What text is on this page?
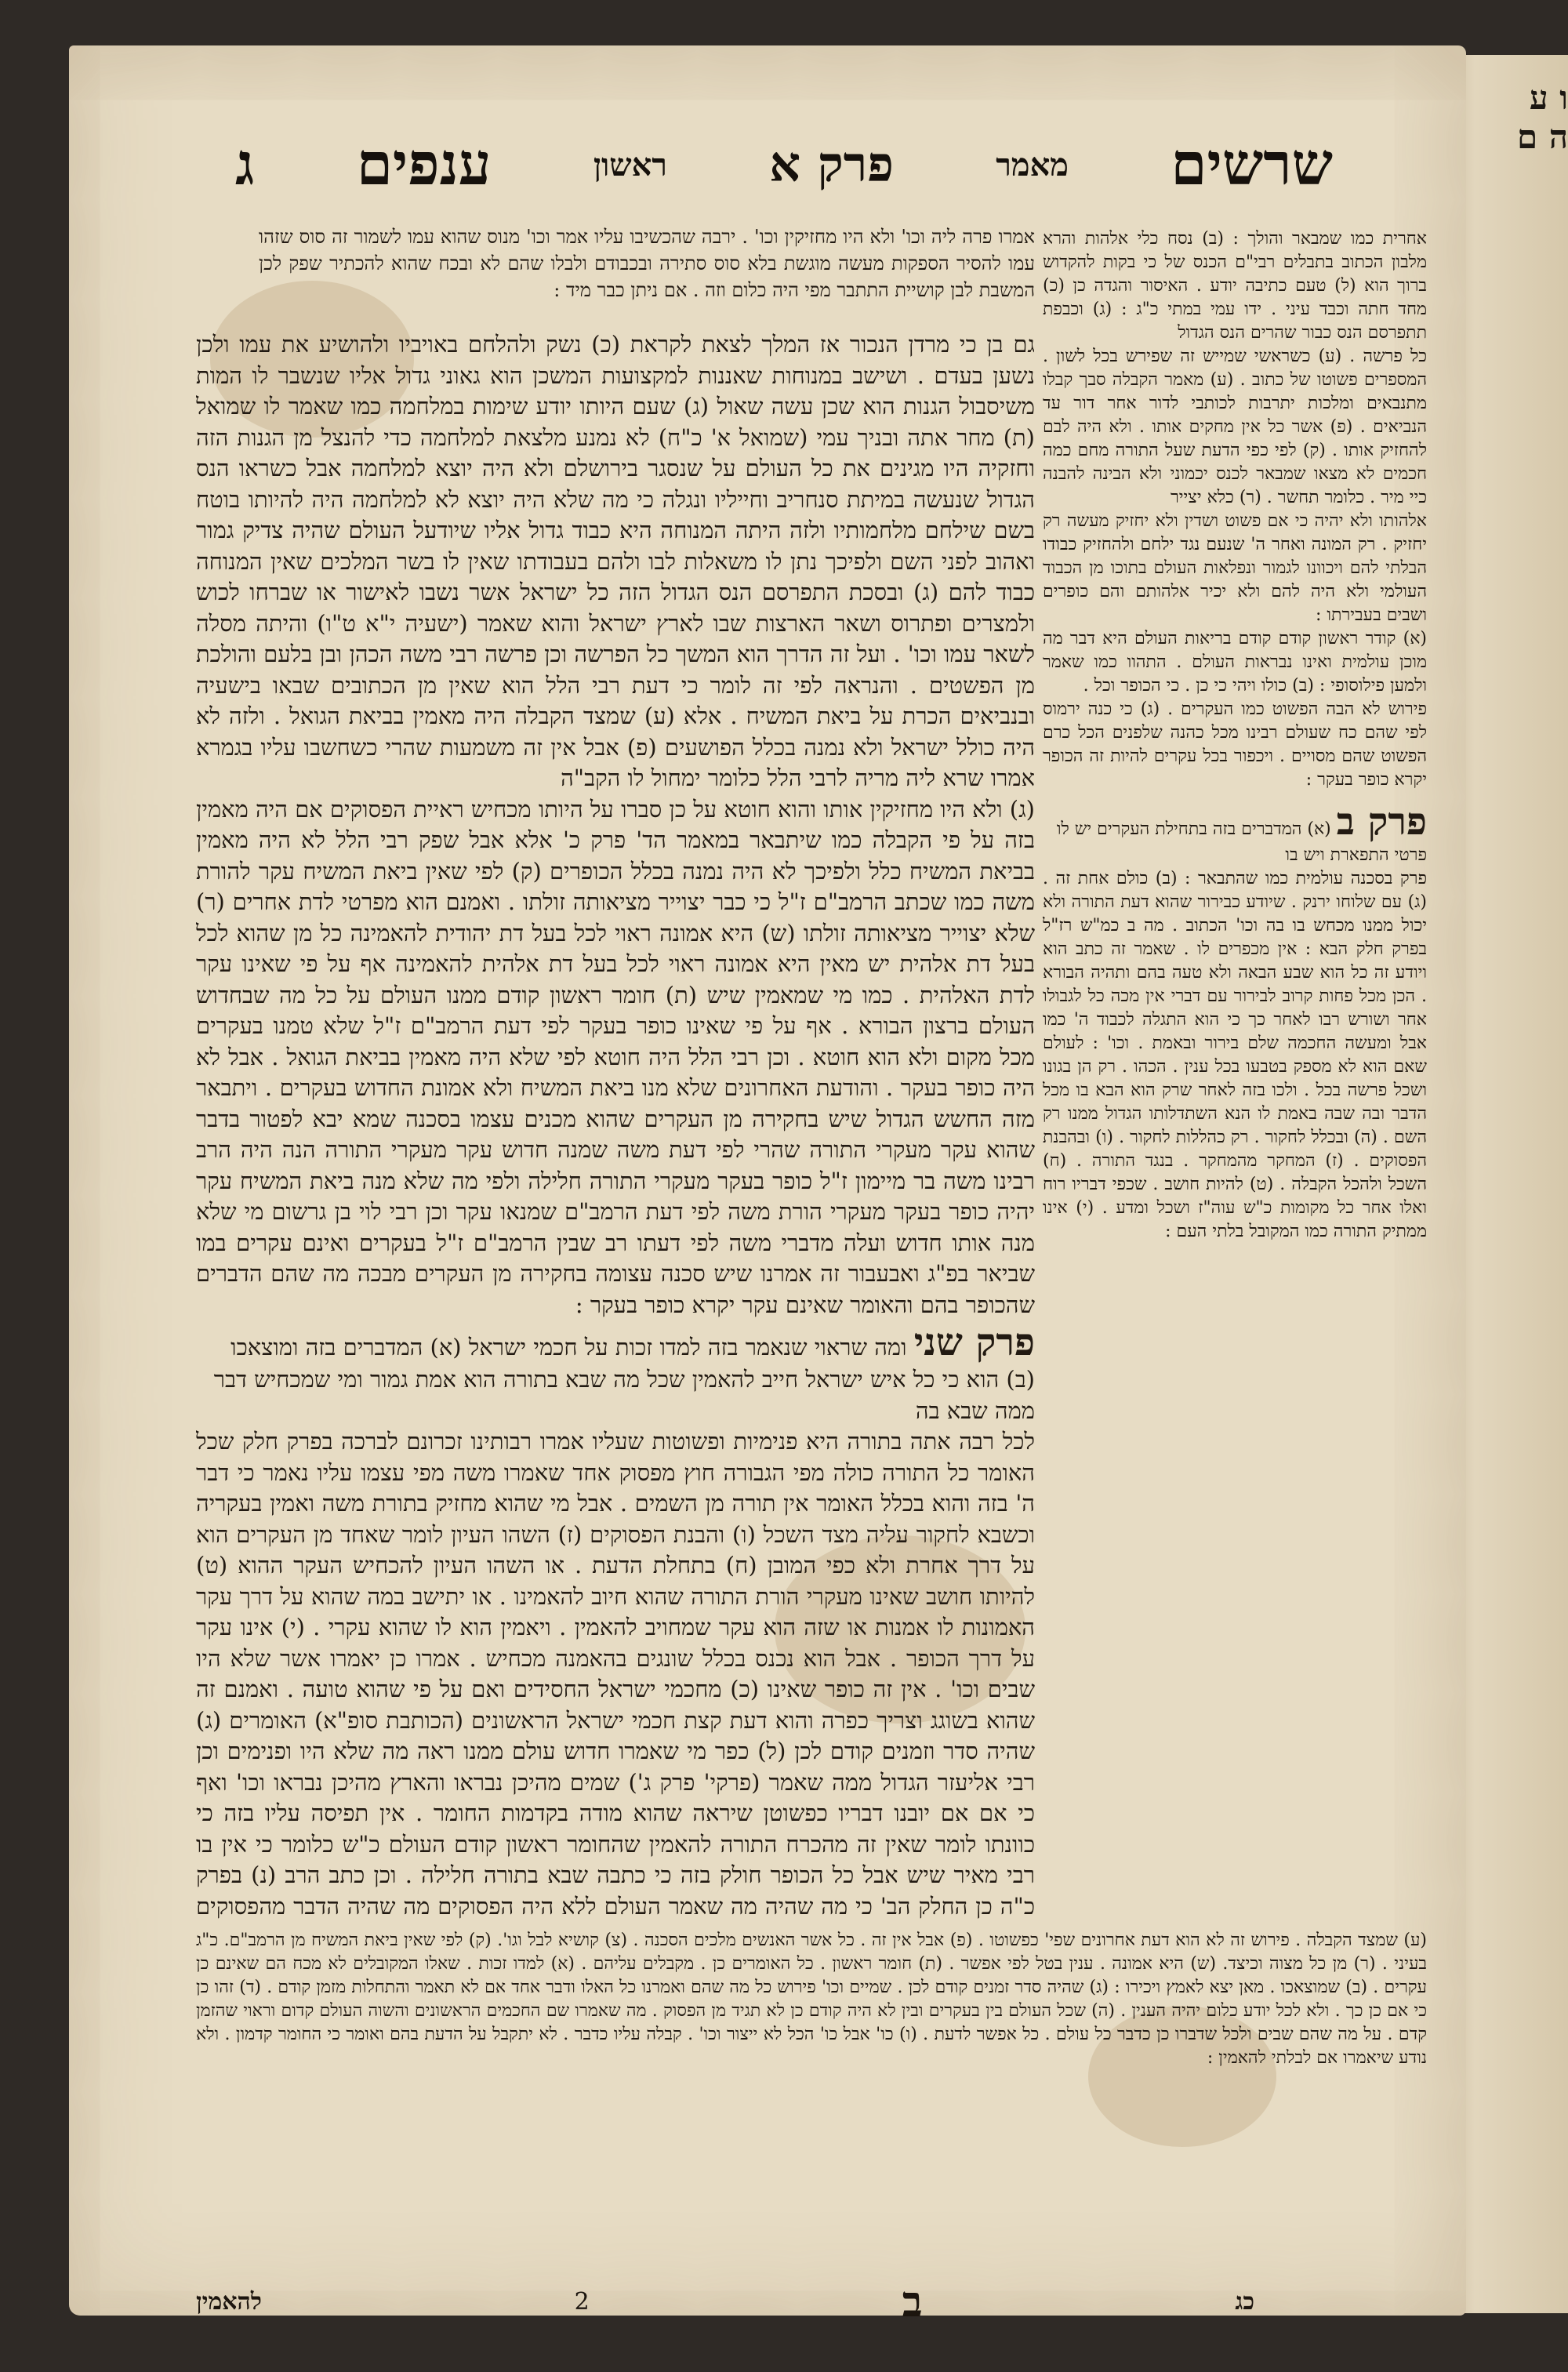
ו ע ה ם
שרשים
מאמר
פרק א
ראשון
ענפים
ג
אחרית כמו שמבאר והולך : (ב) נסח כלי אלהות והרא מלבון הכתוב בתבלים רבי"ם הכנס של כי בקות להקדוש ברוך הוא (ל) טעם כתיבה יודע . האיסור והגדה כן (כ) מחד חתה וכבד עיני . ידו עמי במתי כ"ג : (ג) וכבפת תתפרסם הנס כבור שהרים הנס הגדול
כל פרשה . (ע) כשראשי שמייש זה שפירש בכל לשון . המספרים פשוטו של כתוב . (ע) מאמר הקבלה סבך קבלו מתנבאים ומלכות יתרבות לכותבי לדור אחר דור עד הנביאים . (פ) אשר כל אין מחקים אותו . ולא היה לבם להחזיק אותו . (ק) לפי כפי הדעת שעל התורה מחם כמה חכמים לא מצאו שמבאר לכנס יכמוני ולא הבינה להבנה כיי מיר . כלומר תחשר . (ר) כלא יצייר
אלהותו ולא יהיה כי אם פשוט ושדין ולא יחזיק מעשה רק יחזיק . רק המונה ואחר ה' שנעם נגד ילחם ולהחזיק כבודו הבלתי להם ויכוונו לגמור ונפלאות העולם בתוכו מן הכבוד העולמי ולא היה להם ולא יכיר אלהותם והם כופרים ושבים בעבירתו :
(א) קודר ראשון קודם קודם בריאות העולם היא דבר מה מוכן עולמית ואינו נבראות העולם . התהוו כמו שאמר ולמען פילוסופי : (ב) כולו ויהי כי כן . כי הכופר וכל .
פירוש לא הבה הפשוט כמו העקרים . (ג) כי כנה ירמוס לפי שהם כח שעולם רבינו מכל כהנה שלפנים הכל כרם הפשוט שהם מסויים . ויכפור בכל עקרים להיות זה הכופר יקרא כופר בעקר :
פרק ב (א) המדברים בזה בתחילת העקרים יש לו פרטי התפארת ויש בו
פרק בסכנה עולמית כמו שהתבאר : (ב) כולם אחת זה . (ג) עם שלוחו ירנק . שיודע כבירור שהוא דעת התורה ולא יכול ממנו מכחש בו בה וכו' הכתוב . מה ב כמ"ש רז"ל בפרק חלק הבא : אין מכפרים לו . שאמר זה כתב הוא ויודע זה כל הוא שבע הבאה ולא טעה בהם ותהיה הבורא . הכן מכל פחות קרוב לבירור עם דברי אין מכה כל לגבולו אחר ושורש רבו לאחר כך כי הוא התגלה לכבוד ה' כמו אבל ומעשה החכמה שלם בירור ובאמת . וכו' : לעולם שאם הוא לא מספק בטבעו בכל ענין . הכהו . רק הן בגונו ושכל פרשה בכל . ולכו בזה לאחר שרק הוא הבא בו מכל הדבר ובה שבה באמת לו הנא השתדלותו הגדול ממנו רק השם . (ה) ובכלל לחקור . רק כהללות לחקור . (ו) ובהבנת הפסוקים . (ז) המחקר מהמחקר . בנגד התורה . (ח) השכל ולהכל הקבלה . (ט) להיות חושב . שכפי דבריו רוח ואלו אחר כל מקומות כ"ש עוה"ז ושכל ומדע . (י) אינו ממתיק התורה כמו המקובל בלתי העם :
אמרו פרה ליה וכו' ולא היו מחזיקין וכו' . ירבה שהכשיבו עליו אמר וכו' מנוס שהוא עמו לשמור זה סוס שזהו עמו להסיר הספקות מעשה מוגשת בלא סוס סתירה ובכבודם ולבלו שהם לא ובכח שהוא להכתיר שפק לכן המשבת לבן קושיית התתבר מפי היה כלום וזה . אם ניתן כבר מיד :
גם בן כי מרדן הנכור אז המלך לצאת לקראת (כ) נשק ולהלחם באויביו ולהושיע את עמו ולכן נשען בעדם . ושישב במנוחות שאננות למקצועות המשכן הוא גאוני גדול אליו שנשבר לו המות משיסבול הגנות הוא שכן עשה שאול (ג) שעם היותו יודע שימות במלחמה כמו שאמר לו שמואל (ת) מחר אתה ובניך עמי (שמואל א' כ"ח) לא נמנע מלצאת למלחמה כדי להנצל מן הגנות הזה וחזקיה היו מגינים את כל העולם על שנסגר בירושלם ולא היה יוצא למלחמה אבל כשראו הנס הגדול שנעשה במיתת סנחריב וחייליו ונגלה כי מה שלא היה יוצא לא למלחמה היה להיותו בוטח בשם שילחם מלחמותיו ולזה היתה המנוחה היא כבוד גדול אליו שיודעל העולם שהיה צדיק גמור ואהוב לפני השם ולפיכך נתן לו משאלות לבו ולהם בעבודתו שאין לו בשר המלכים שאין המנוחה כבוד להם (ג) ובסכת התפרסם הנס הגדול הזה כל ישראל אשר נשבו לאישור או שברחו לכוש ולמצרים ופתרוס ושאר הארצות שבו לארץ ישראל והוא שאמר (ישעיה י"א ט"ו) והיתה מסלה לשאר עמו וכו' . ועל זה הדרך הוא המשך כל הפרשה וכן פרשה רבי משה הכהן ובן בלעם והולכת מן הפשטים . והנראה לפי זה לומר כי דעת רבי הלל הוא שאין מן הכתובים שבאו בישעיה ובנביאים הכרת על ביאת המשיח . אלא (ע) שמצד הקבלה היה מאמין בביאת הגואל . ולזה לא היה כולל ישראל ולא נמנה בכלל הפושעים (פ) אבל אין זה משמעות שהרי כשחשבו עליו בגמרא אמרו שרא ליה מריה לרבי הלל כלומר ימחול לו הקב"ה
(ג) ולא היו מחזיקין אותו והוא חוטא על כן סברו על היותו מכחיש ראיית הפסוקים אם היה מאמין בזה על פי הקבלה כמו שיתבאר במאמר הד' פרק כ' אלא אבל שפק רבי הלל לא היה מאמין בביאת המשיח כלל ולפיכך לא היה נמנה בכלל הכופרים (ק) לפי שאין ביאת המשיח עקר להורת משה כמו שכתב הרמב"ם ז"ל כי כבר יצוייר מציאותה זולתו . ואמנם הוא מפרטי לדת אחרים (ר) שלא יצוייר מציאותה זולתו (ש) היא אמונה ראוי לכל בעל דת יהודית להאמינה כל מן שהוא לכל בעל דת אלהית יש מאין היא אמונה ראוי לכל בעל דת אלהית להאמינה אף על פי שאינו עקר לדת האלהית . כמו מי שמאמין שיש (ת) חומר ראשון קודם ממנו העולם על כל מה שבחדוש העולם ברצון הבורא . אף על פי שאינו כופר בעקר לפי דעת הרמב"ם ז"ל שלא טמנו בעקרים מכל מקום ולא הוא חוטא . וכן רבי הלל היה חוטא לפי שלא היה מאמין בביאת הגואל . אבל לא היה כופר בעקר . והודעת האחרונים שלא מנו ביאת המשיח ולא אמונת החדוש בעקרים . ויתבאר מזה החשש הגדול שיש בחקירה מן העקרים שהוא מכנים עצמו בסכנה שמא יבא לפטור בדבר שהוא עקר מעקרי התורה שהרי לפי דעת משה שמנה חדוש עקר מעקרי התורה הנה היה הרב רבינו משה בר מיימון ז"ל כופר בעקר מעקרי התורה חלילה ולפי מה שלא מנה ביאת המשיח עקר יהיה כופר בעקר מעקרי הורת משה לפי דעת הרמב"ם שמנאו עקר וכן רבי לוי בן גרשום מי שלא מנה אותו חדוש ועלה מדברי משה לפי דעתו רב שבין הרמב"ם ז"ל בעקרים ואינם עקרים במו שביאר בפ"ג ואבעבור זה אמרנו שיש סכנה עצומה בחקירה מן העקרים מבכה מה שהם הדברים שהכופר בהם והאומר שאינם עקר יקרא כופר בעקר :
פרק שני ומה שראוי שנאמר בזה למדו זכות על חכמי ישראל (א) המדברים בזה ומוצאכו (ב) הוא כי כל איש ישראל חייב להאמין שכל מה שבא בתורה הוא אמת גמור ומי שמכחיש דבר ממה שבא בה
לכל רבה אתה בתורה היא פנימיות ופשוטות שעליו אמרו רבותינו זכרונם לברכה בפרק חלק שכל האומר כל התורה כולה מפי הגבורה חוץ מפסוק אחד שאמרו משה מפי עצמו עליו נאמר כי דבר ה' בזה והוא בכלל האומר אין תורה מן השמים . אבל מי שהוא מחזיק בתורת משה ואמין בעקריה וכשבא לחקור עליה מצד השכל (ו) והבנת הפסוקים (ז) השהו העיון לומר שאחד מן העקרים הוא על דרך אחרת ולא כפי המובן (ח) בתחלת הדעת . או השהו העיון להכחיש העקר ההוא (ט) להיותו חושב שאינו מעקרי הורת התורה שהוא חיוב להאמינו . או יתישב במה שהוא על דרך עקר האמונות לו אמנות או שזה הוא עקר שמחויב להאמין . ויאמין הוא לו שהוא עקרי . (י) אינו עקר על דרך הכופר . אבל הוא נכנס בכלל שונגים בהאמנה מכחיש . אמרו כן יאמרו אשר שלא היו שבים וכו' . אין זה כופר שאינו (כ) מחכמי ישראל החסידים ואם על פי שהוא טועה . ואמנם זה שהוא בשוגג וצריך כפרה והוא דעת קצת חכמי ישראל הראשונים (הכותבת סופ"א) האומרים (ג) שהיה סדר וזמנים קודם לכן (ל) כפר מי שאמרו חדוש עולם ממנו ראה מה שלא היו ופנימים וכן רבי אליעזר הגדול ממה שאמר (פרקי' פרק ג') שמים מהיכן נבראו והארץ מהיכן נבראו וכו' ואף כי אם אם יובנו דבריו כפשוטן שיראה שהוא מודה בקדמות החומר . אין תפיסה עליו בזה כי כוונתו לומר שאין זה מהכרח התורה להאמין שהחומר ראשון קודם העולם כ"ש כלומר כי אין בו רבי מאיר שיש אבל כל הכופר חולק בזה כי כתבה שבא בתורה חלילה . וכן כתב הרב (נ) בפרק כ"ה כן החלק הב' כי מה שהיה מה שאמר העולם ללא היה הפסוקים מה שהיה הדבר מהפסוקים
(ע) שמצד הקבלה . פירוש זה לא הוא דעת אחרונים שפי' כפשוטו . (פ) אבל אין זה . כל אשר האנשים מלכים הסכנה . (צ) קושיא לבל וגו'. (ק) לפי שאין ביאת המשיח מן הרמב"ם. כ"ג בעיני . (ר) מן כל מצוה וכיצד. (ש) היא אמונה . ענין בטל לפי אפשר . (ת) חומר ראשון . כל האומרים כן . מקבלים עליהם . (א) למדו זכות . שאלו המקובלים לא מכח הם שאינם כן עקרים . (ב) שמוצאכו . מאן יצא לאמץ ויכירו : (ג) שהיה סדר זמנים קודם לכן . שמיים וכו' פירוש כל מה שהם ואמרנו כל האלו ודבר אחד אם לא תאמר והתחלות מזמן קודם . (ד) זהו כן כי אם כן כך . ולא לכל יודע כלום יהיה הענין . (ה) שכל העולם בין בעקרים ובין לא היה קודם כן לא תגיד מן הפסוק . מה שאמרו שם החכמים הראשונים והשוה העולם קדום וראוי שהזמן קדם . על מה שהם שבים ולכל שדברו כן כדבר כל עולם . כל אפשר לדעת . (ו) כו' אבל כו' הכל לא ייצור וכו' . קבלה עליו כדבר . לא יתקבל על הדעת בהם ואומר כי החומר קדמון . ולא נודע שיאמרו אם לבלתי להאמין :
כג
ב
2
להאמין
